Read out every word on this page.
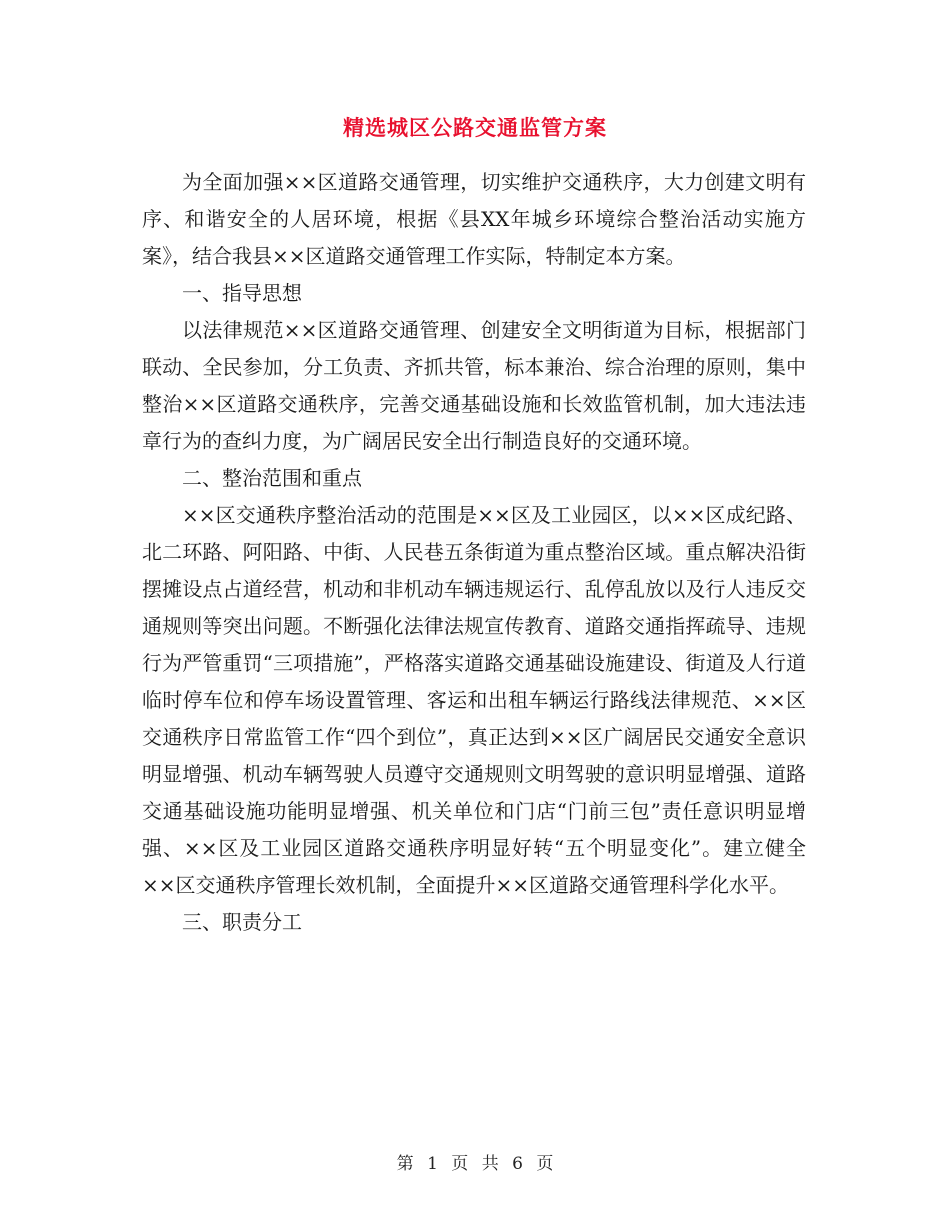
精选城区公路交通监管方案

为全面加强××区道路交通管理，切实维护交通秩序，大力创建文明有序、和谐安全的人居环境，根据《县XX年城乡环境综合整治活动实施方案》，结合我县××区道路交通管理工作实际，特制定本方案。

一、指导思想

以法律规范××区道路交通管理、创建安全文明街道为目标，根据部门联动、全民参加，分工负责、齐抓共管，标本兼治、综合治理的原则，集中整治××区道路交通秩序，完善交通基础设施和长效监管机制，加大违法违章行为的查纠力度，为广阔居民安全出行制造良好的交通环境。

二、整治范围和重点

××区交通秩序整治活动的范围是××区及工业园区，以××区成纪路、北二环路、阿阳路、中街、人民巷五条街道为重点整治区域。重点解决沿街摆摊设点占道经营，机动和非机动车辆违规运行、乱停乱放以及行人违反交通规则等突出问题。不断强化法律法规宣传教育、道路交通指挥疏导、违规行为严管重罚“三项措施”，严格落实道路交通基础设施建设、街道及人行道临时停车位和停车场设置管理、客运和出租车辆运行路线法律规范、××区交通秩序日常监管工作“四个到位”，真正达到××区广阔居民交通安全意识明显增强、机动车辆驾驶人员遵守交通规则文明驾驶的意识明显增强、道路交通基础设施功能明显增强、机关单位和门店“门前三包”责任意识明显增强、××区及工业园区道路交通秩序明显好转“五个明显变化”。建立健全××区交通秩序管理长效机制，全面提升××区道路交通管理科学化水平。

三、职责分工

第 1 页 共 6 页
